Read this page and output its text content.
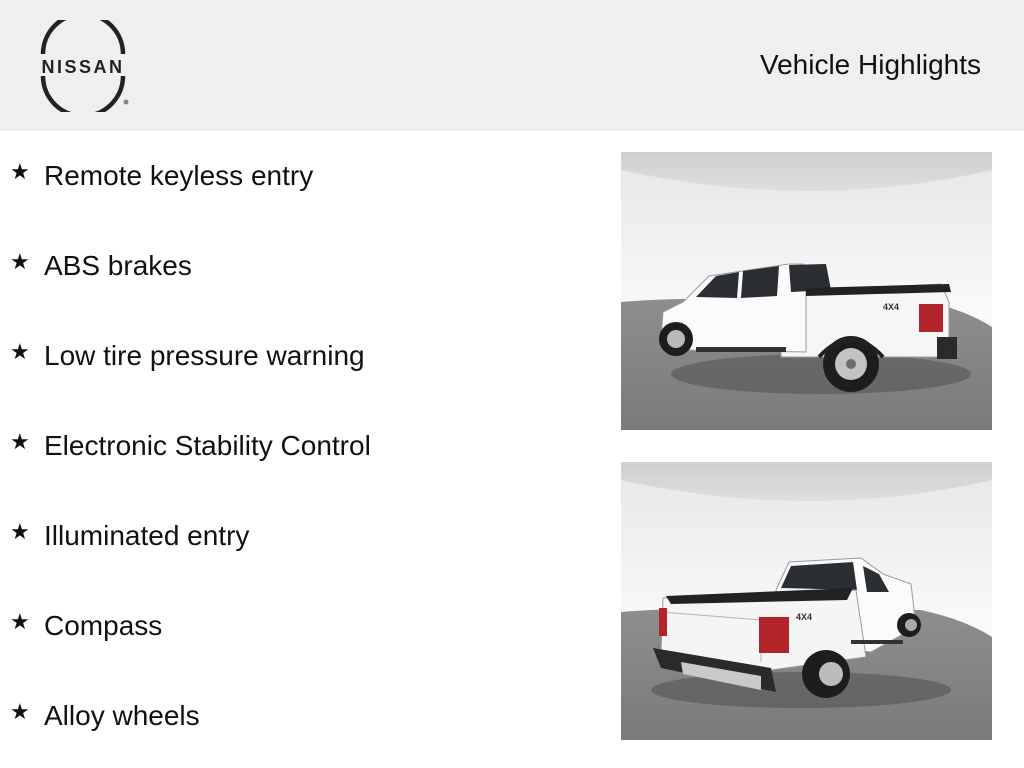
NISSAN	Vehicle Highlights
★ Remote keyless entry
★ ABS brakes
★ Low tire pressure warning
★ Electronic Stability Control
★ Illuminated entry
★ Compass
★ Alloy wheels
4X4
4X4
